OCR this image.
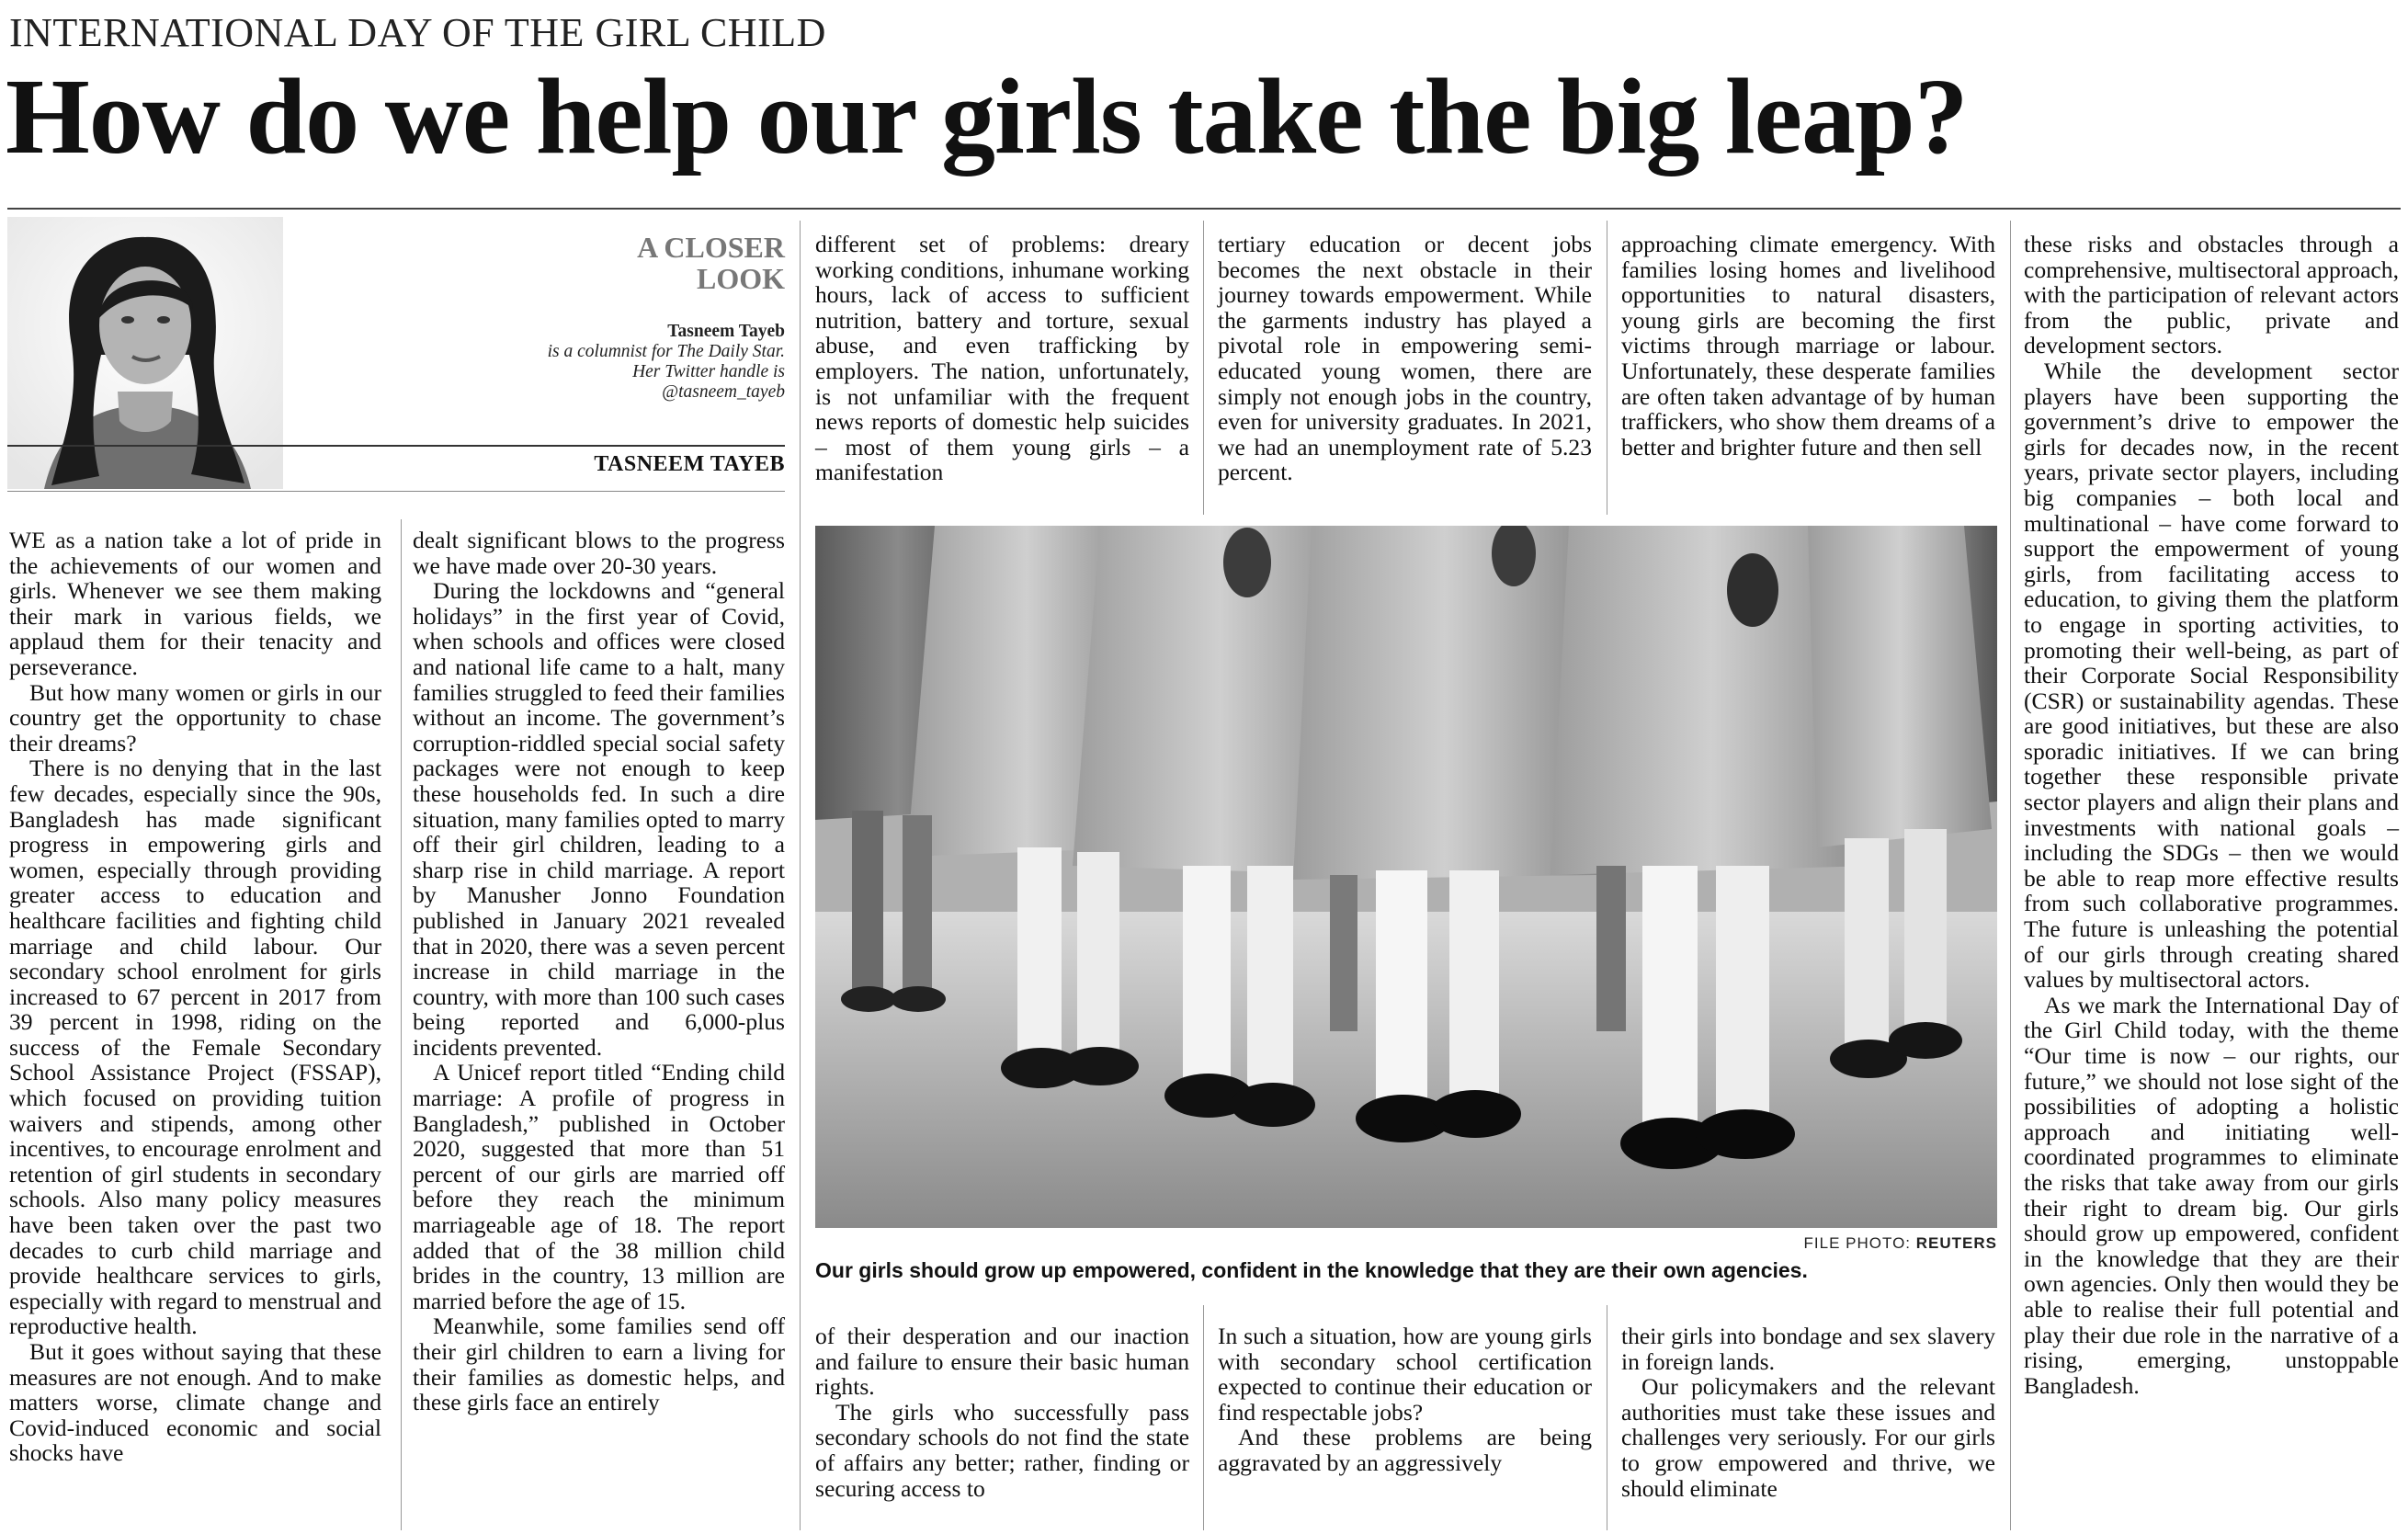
INTERNATIONAL DAY OF THE GIRL CHILD
How do we help our girls take the big leap?
A CLOSER
LOOK
Tasneem Tayeb
is a columnist for The Daily Star.
Her Twitter handle is
@tasneem_tayeb
TASNEEM TAYEB

WE as a nation take a lot of pride in the achievements of our women and girls. Whenever we see them making their mark in various fields, we applaud them for their tenacity and perseverance.

But how many women or girls in our country get the opportunity to chase their dreams?

There is no denying that in the last few decades, especially since the 90s, Bangladesh has made significant progress in empowering girls and women, especially through providing greater access to education and healthcare facilities and fighting child marriage and child labour. Our secondary school enrolment for girls increased to 67 percent in 2017 from 39 percent in 1998, riding on the success of the Female Secondary School Assistance Project (FSSAP), which focused on providing tuition waivers and stipends, among other incentives, to encourage enrolment and retention of girl students in secondary schools. Also many policy measures have been taken over the past two decades to curb child marriage and provide healthcare services to girls, especially with regard to menstrual and reproductive health.

But it goes without saying that these measures are not enough. And to make matters worse, climate change and Covid-induced economic and social shocks have

dealt significant blows to the progress we have made over 20-30 years.

During the lockdowns and “general holidays” in the first year of Covid, when schools and offices were closed and national life came to a halt, many families struggled to feed their families without an income. The government’s corruption-riddled special social safety packages were not enough to keep these households fed. In such a dire situation, many families opted to marry off their girl children, leading to a sharp rise in child marriage. A report by Manusher Jonno Foundation published in January 2021 revealed that in 2020, there was a seven percent increase in child marriage in the country, with more than 100 such cases being reported and 6,000-plus incidents prevented.

A Unicef report titled “Ending child marriage: A profile of progress in Bangladesh,” published in October 2020, suggested that more than 51 percent of our girls are married off before they reach the minimum marriageable age of 18. The report added that of the 38 million child brides in the country, 13 million are married before the age of 15.

Meanwhile, some families send off their girl children to earn a living for their families as domestic helps, and these girls face an entirely

different set of problems: dreary working conditions, inhumane working hours, lack of access to sufficient nutrition, battery and torture, sexual abuse, and even trafficking by employers. The nation, unfortunately, is not unfamiliar with the frequent news reports of domestic help suicides – most of them young girls – a manifestation

tertiary education or decent jobs becomes the next obstacle in their journey towards empowerment. While the garments industry has played a pivotal role in empowering semi-educated young women, there are simply not enough jobs in the country, even for university graduates. In 2021, we had an unemployment rate of 5.23 percent.

approaching climate emergency. With families losing homes and livelihood opportunities to natural disasters, young girls are becoming the first victims through marriage or labour. Unfortunately, these desperate families are often taken advantage of by human traffickers, who show them dreams of a better and brighter future and then sell

FILE PHOTO: REUTERS
Our girls should grow up empowered, confident in the knowledge that they are their own agencies.

of their desperation and our inaction and failure to ensure their basic human rights.

The girls who successfully pass secondary schools do not find the state of affairs any better; rather, finding or securing access to

In such a situation, how are young girls with secondary school certification expected to continue their education or find respectable jobs?

And these problems are being aggravated by an aggressively

their girls into bondage and sex slavery in foreign lands.

Our policymakers and the relevant authorities must take these issues and challenges very seriously. For our girls to grow empowered and thrive, we should eliminate

these risks and obstacles through a comprehensive, multisectoral approach, with the participation of relevant actors from the public, private and development sectors.

While the development sector players have been supporting the government’s drive to empower the girls for decades now, in the recent years, private sector players, including big companies – both local and multinational – have come forward to support the empowerment of young girls, from facilitating access to education, to giving them the platform to engage in sporting activities, to promoting their well-being, as part of their Corporate Social Responsibility (CSR) or sustainability agendas. These are good initiatives, but these are also sporadic initiatives. If we can bring together these responsible private sector players and align their plans and investments with national goals – including the SDGs – then we would be able to reap more effective results from such collaborative programmes. The future is unleashing the potential of our girls through creating shared values by multisectoral actors.

As we mark the International Day of the Girl Child today, with the theme “Our time is now – our rights, our future,” we should not lose sight of the possibilities of adopting a holistic approach and initiating well-coordinated programmes to eliminate the risks that take away from our girls their right to dream big. Our girls should grow up empowered, confident in the knowledge that they are their own agencies. Only then would they be able to realise their full potential and play their due role in the narrative of a rising, emerging, unstoppable Bangladesh.
